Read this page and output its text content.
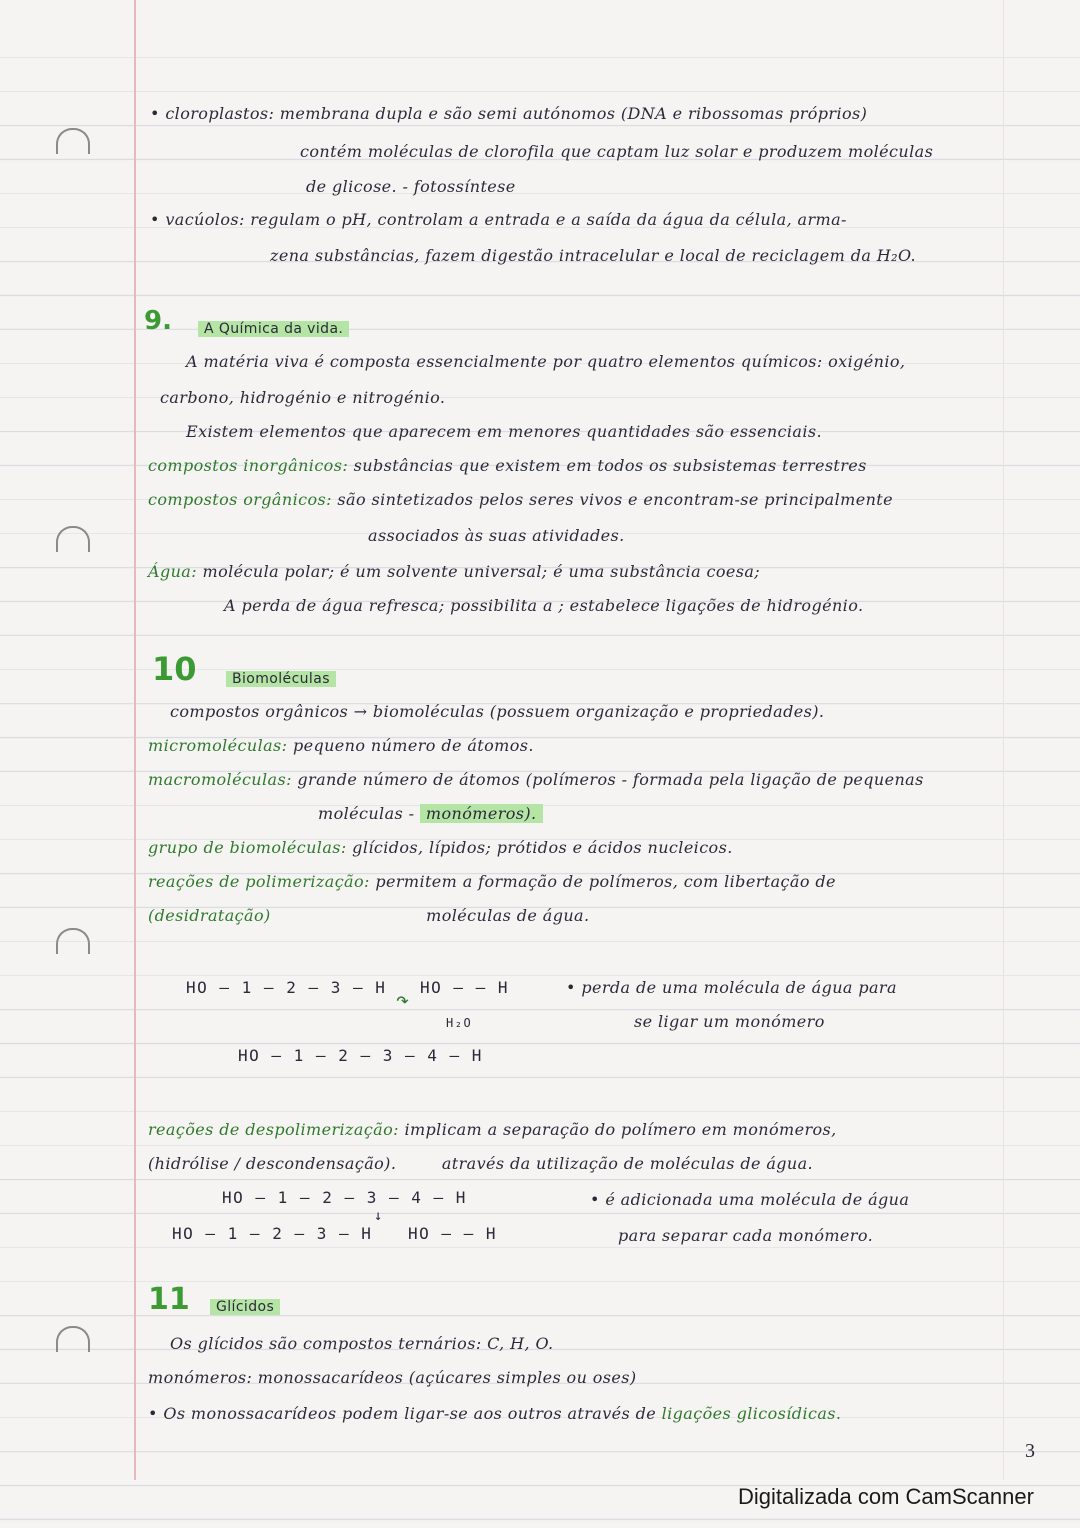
• cloroplastos: membrana dupla e são semi autónomos (DNA e ribossomas próprios)
contém moléculas de clorofila que captam luz solar e produzem moléculas
de glicose. - fotossíntese
• vacúolos: regulam o pH, controlam a entrada e a saída da água da célula, arma-
zena substâncias, fazem digestão intracelular e local de reciclagem da H₂O.
9.	A Química da vida.
A matéria viva é composta essencialmente por quatro elementos químicos: oxigénio,
carbono, hidrogénio e nitrogénio.
Existem elementos que aparecem em menores quantidades são essenciais.
compostos inorgânicos: substâncias que existem em todos os subsistemas terrestres
compostos orgânicos: são sintetizados pelos seres vivos e encontram-se principalmente
associados às suas atividades.
Água: molécula polar; é um solvente universal; é uma substância coesa;
A perda de água refresca; possibilita a ; estabelece ligações de hidrogénio.
10	Biomoléculas
compostos orgânicos → biomoléculas (possuem organização e propriedades).
micromoléculas: pequeno número de átomos.
macromoléculas: grande número de átomos (polímeros - formada pela ligação de pequenas
moléculas - monómeros).
grupo de biomoléculas: glícidos, lípidos; prótidos e ácidos nucleicos.
reações de polimerização: permitem a formação de polímeros, com libertação de
(desidratação)	moléculas de água.
HO — 1 — 2 — 3 — H
↷
HO — — H
H₂O
• perda de uma molécula de água para
se ligar um monómero
HO — 1 — 2 — 3 — 4 — H
reações de despolimerização: implicam a separação do polímero em monómeros,
(hidrólise / descondensação).	através da utilização de moléculas de água.
HO — 1 — 2 — 3 — 4 — H
↓
• é adicionada uma molécula de água
HO — 1 — 2 — 3 — H HO — — H	para separar cada monómero.
11	Glícidos
Os glícidos são compostos ternários: C, H, O.
monómeros: monossacarídeos (açúcares simples ou oses)
• Os monossacarídeos podem ligar-se aos outros através de ligações glicosídicas.
3
Digitalizada com CamScanner
